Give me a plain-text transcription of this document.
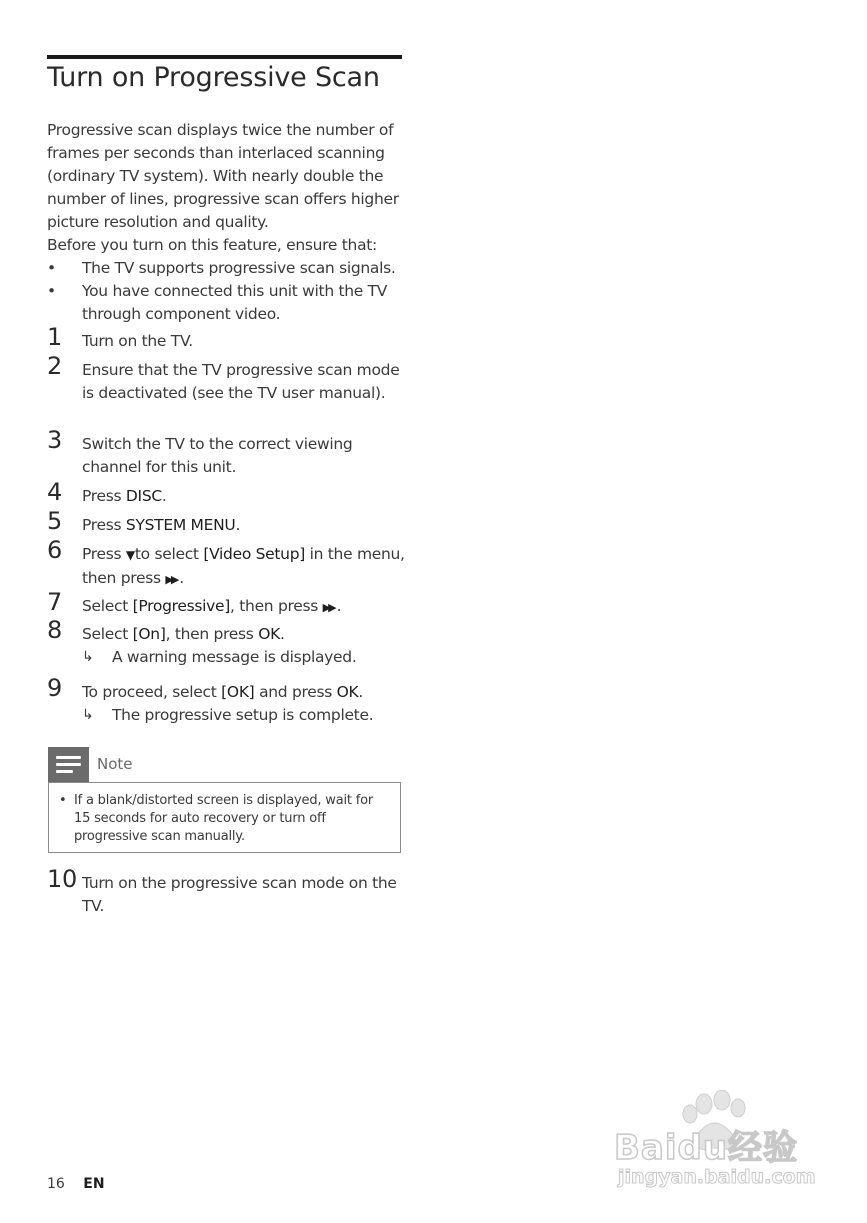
Turn on Progressive Scan

Progressive scan displays twice the number of frames per seconds than interlaced scanning (ordinary TV system). With nearly double the number of lines, progressive scan offers higher picture resolution and quality.

Before you turn on this feature, ensure that:

• The TV supports progressive scan signals.
• You have connected this unit with the TV through component video.
1 Turn on the TV.
2 Ensure that the TV progressive scan mode is deactivated (see the TV user manual).
3 Switch the TV to the correct viewing channel for this unit.
4 Press DISC.
5 Press SYSTEM MENU.
6 Press ▼to select [Video Setup] in the menu, then press ▶▶ .
7 Select [Progressive], then press ▶▶ .
8 Select [On], then press OK.
↳ A warning message is displayed.
9 To proceed, select [OK] and press OK.
↳ The progressive setup is complete.
Note
• If a blank/distorted screen is displayed, wait for 15 seconds for auto recovery or turn off progressive scan manually.
10 Turn on the progressive scan mode on the TV.
16 EN
Baidu经验
jingyan.baidu.com
